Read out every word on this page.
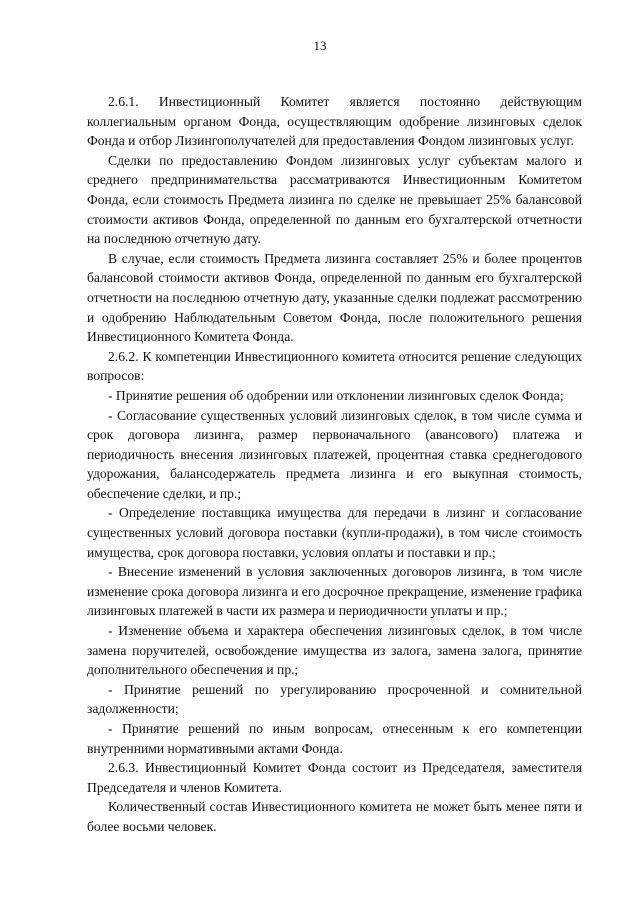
13

2.6.1. Инвестиционный Комитет является постоянно действующим коллегиальным органом Фонда, осуществляющим одобрение лизинговых сделок Фонда и отбор Лизингополучателей для предоставления Фондом лизинговых услуг.

Сделки по предоставлению Фондом лизинговых услуг субъектам малого и среднего предпринимательства рассматриваются Инвестиционным Комитетом Фонда, если стоимость Предмета лизинга по сделке не превышает 25% балансовой стоимости активов Фонда, определенной по данным его бухгалтерской отчетности на последнюю отчетную дату.

В случае, если стоимость Предмета лизинга составляет 25% и более процентов балансовой стоимости активов Фонда, определенной по данным его бухгалтерской отчетности на последнюю отчетную дату, указанные сделки подлежат рассмотрению и одобрению Наблюдательным Советом Фонда, после положительного решения Инвестиционного Комитета Фонда.

2.6.2. К компетенции Инвестиционного комитета относится решение следующих вопросов:

- Принятие решения об одобрении или отклонении лизинговых сделок Фонда;

- Согласование существенных условий лизинговых сделок, в том числе сумма и срок договора лизинга, размер первоначального (авансового) платежа и периодичность внесения лизинговых платежей, процентная ставка среднегодового удорожания, балансодержатель предмета лизинга и его выкупная стоимость, обеспечение сделки, и пр.;

- Определение поставщика имущества для передачи в лизинг и согласование существенных условий договора поставки (купли-продажи), в том числе стоимость имущества, срок договора поставки, условия оплаты и поставки и пр.;

- Внесение изменений в условия заключенных договоров лизинга, в том числе изменение срока договора лизинга и его досрочное прекращение, изменение графика лизинговых платежей в части их размера и периодичности уплаты и пр.;

- Изменение объема и характера обеспечения лизинговых сделок, в том числе замена поручителей, освобождение имущества из залога, замена залога, принятие дополнительного обеспечения и пр.;

- Принятие решений по урегулированию просроченной и сомнительной задолженности;

- Принятие решений по иным вопросам, отнесенным к его компетенции внутренними нормативными актами Фонда.

2.6.3. Инвестиционный Комитет Фонда состоит из Председателя, заместителя Председателя и членов Комитета.

Количественный состав Инвестиционного комитета не может быть менее пяти и более восьми человек.
